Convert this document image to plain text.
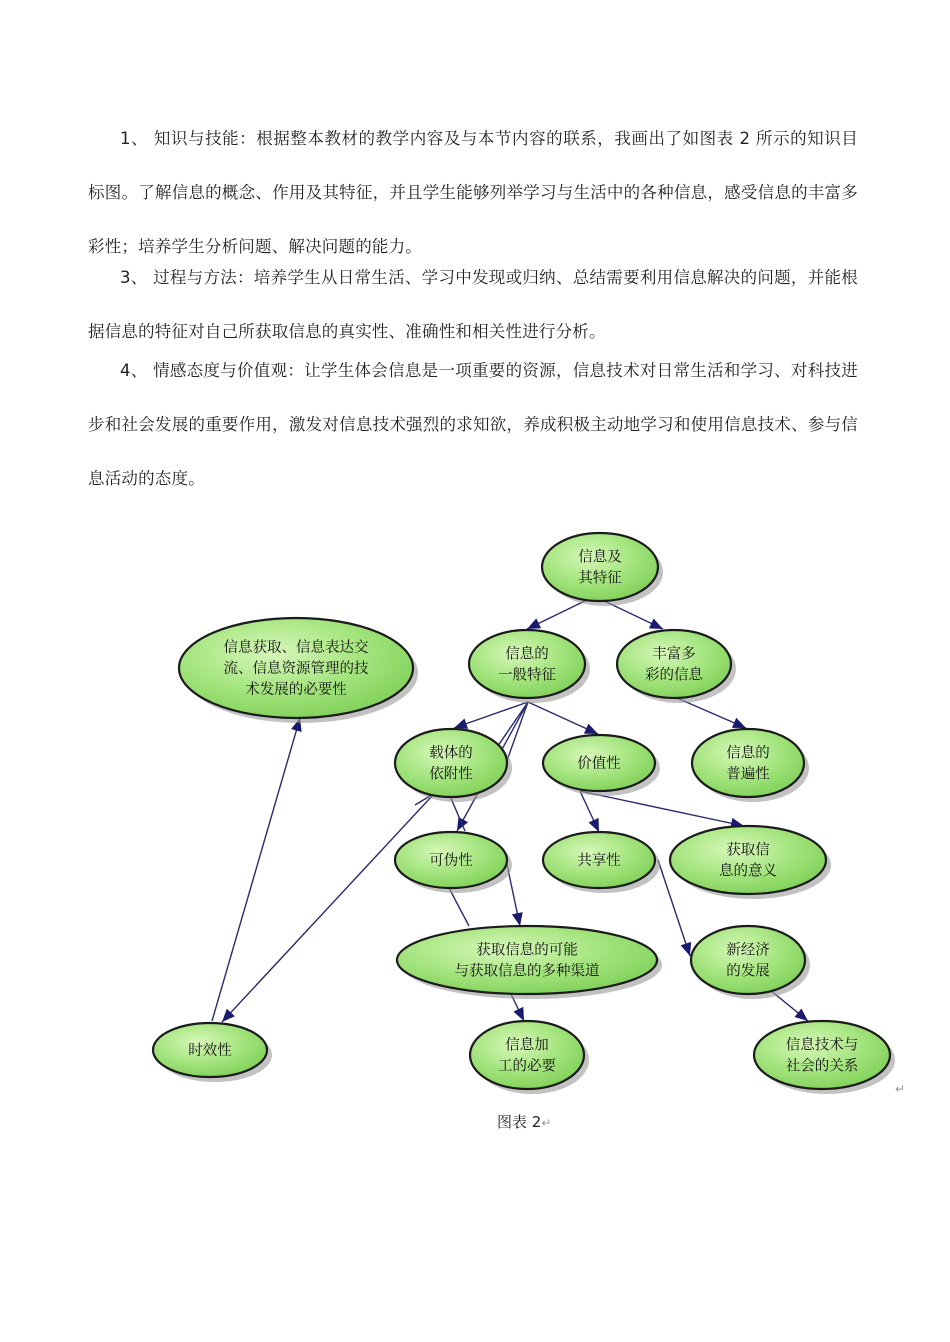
1、 知识与技能：根据整本教材的教学内容及与本节内容的联系，我画出了如图表 2 所示的知识目标图。了解信息的概念、作用及其特征，并且学生能够列举学习与生活中的各种信息，感受信息的丰富多彩性；培养学生分析问题、解决问题的能力。
3、 过程与方法：培养学生从日常生活、学习中发现或归纳、总结需要利用信息解决的问题，并能根据信息的特征对自己所获取信息的真实性、准确性和相关性进行分析。
4、 情感态度与价值观：让学生体会信息是一项重要的资源，信息技术对日常生活和学习、对科技进步和社会发展的重要作用，激发对信息技术强烈的求知欲，养成积极主动地学习和使用信息技术、参与信息活动的态度。
信息及
其特征
信息的
一般特征
丰富多
彩的信息
信息获取、信息表达交
流、信息资源管理的技
术发展的必要性
载体的
依附性
价值性
信息的
普遍性
可伪性	共享性
获取信
息的意义
获取信息的可能
与获取信息的多种渠道
新经济
的发展
时效性	信息加
工的必要
信息技术与
社会的关系
图表 2↵
↵
